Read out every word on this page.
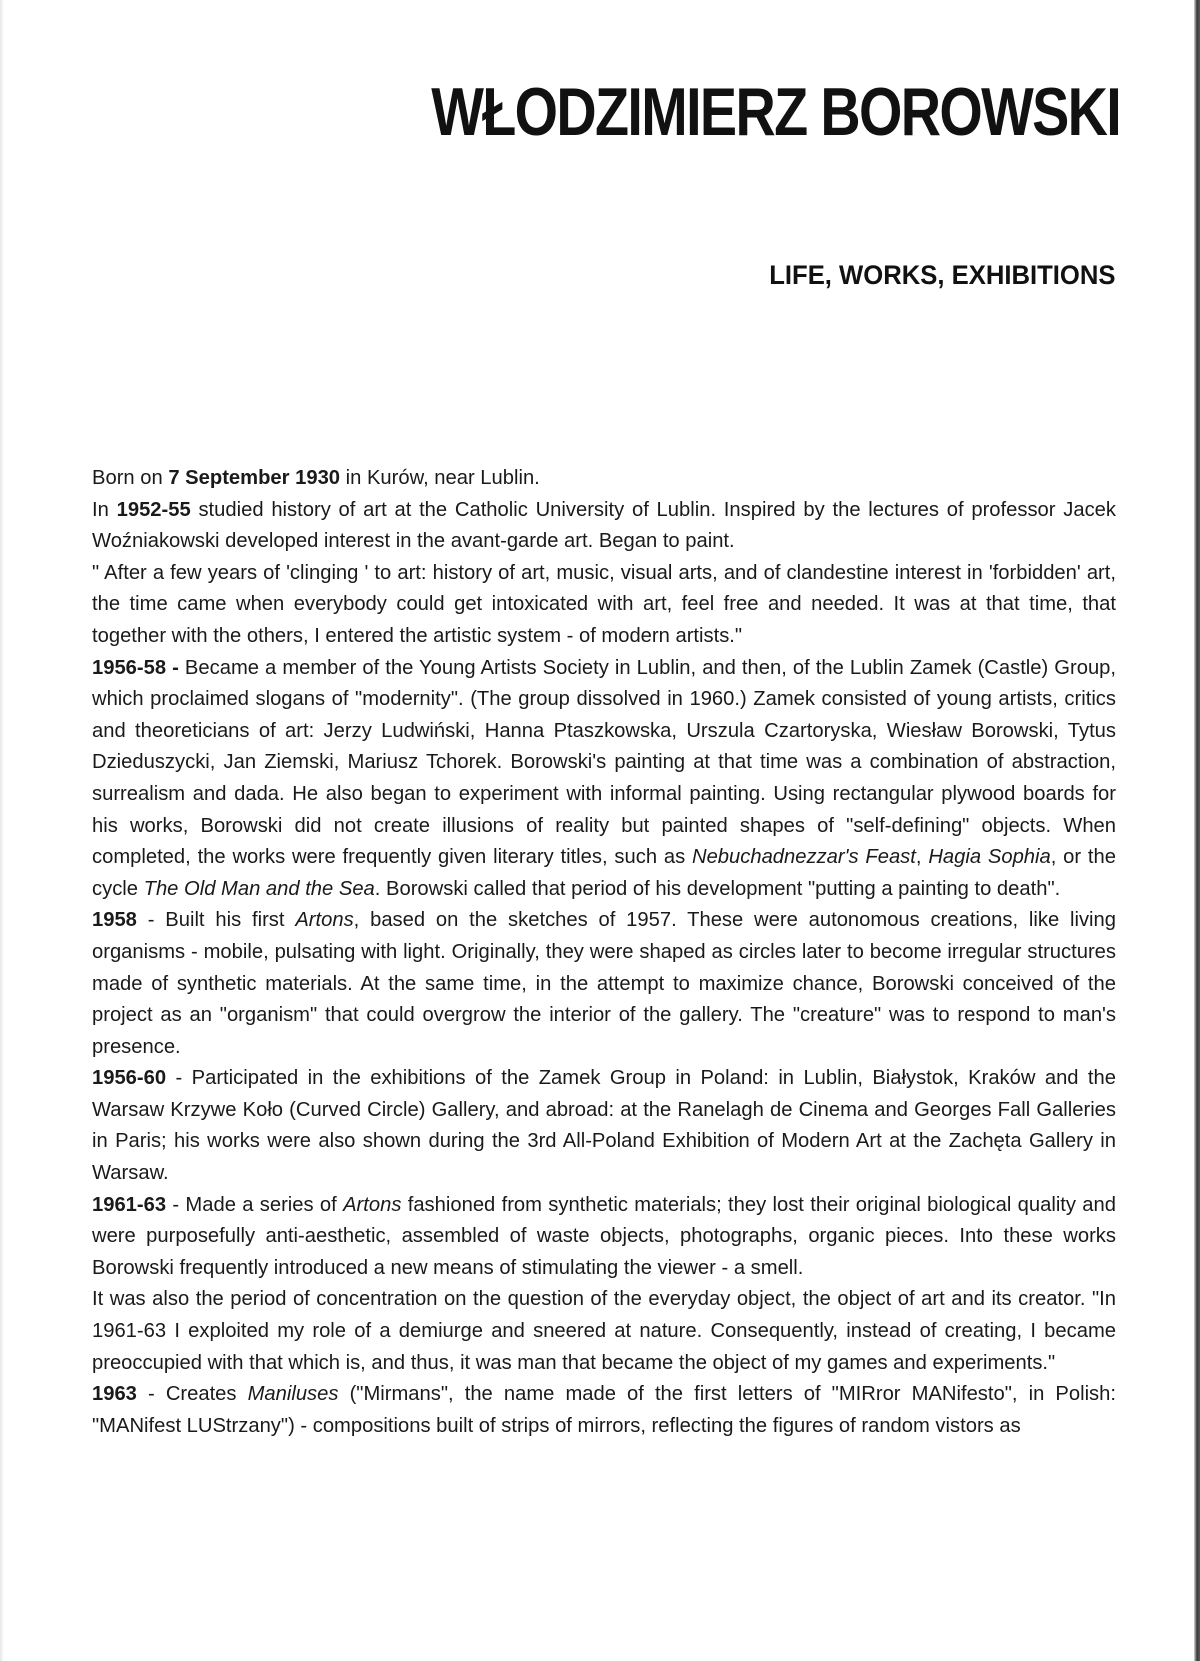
WŁODZIMIERZ BOROWSKI
LIFE, WORKS, EXHIBITIONS

Born on 7 September 1930 in Kurów, near Lublin.

In 1952-55 studied history of art at the Catholic University of Lublin. Inspired by the lectures of professor Jacek Woźniakowski developed interest in the avant-garde art. Began to paint.

" After a few years of 'clinging ' to art: history of art, music, visual arts, and of clandestine interest in 'forbidden' art, the time came when everybody could get intoxicated with art, feel free and needed. It was at that time, that together with the others, I entered the artistic system - of modern artists."

1956-58 - Became a member of the Young Artists Society in Lublin, and then, of the Lublin Zamek (Castle) Group, which proclaimed slogans of "modernity". (The group dissolved in 1960.) Zamek consisted of young artists, critics and theoreticians of art: Jerzy Ludwiński, Hanna Ptaszkowska, Urszula Czartoryska, Wiesław Borowski, Tytus Dzieduszycki, Jan Ziemski, Mariusz Tchorek. Borowski's painting at that time was a combination of abstraction, surrealism and dada. He also began to experiment with informal painting. Using rectangular plywood boards for his works, Borowski did not create illusions of reality but painted shapes of "self-defining" objects. When completed, the works were frequently given literary titles, such as Nebuchadnezzar's Feast, Hagia Sophia, or the cycle The Old Man and the Sea. Borowski called that period of his development "putting a painting to death".

1958 - Built his first Artons, based on the sketches of 1957. These were autonomous creations, like living organisms - mobile, pulsating with light. Originally, they were shaped as circles later to become irregular structures made of synthetic materials. At the same time, in the attempt to maximize chance, Borowski conceived of the project as an "organism" that could overgrow the interior of the gallery. The "creature" was to respond to man's presence.

1956-60 - Participated in the exhibitions of the Zamek Group in Poland: in Lublin, Białystok, Kraków and the Warsaw Krzywe Koło (Curved Circle) Gallery, and abroad: at the Ranelagh de Cinema and Georges Fall Galleries in Paris; his works were also shown during the 3rd All-Poland Exhibition of Modern Art at the Zachęta Gallery in Warsaw.

1961-63 - Made a series of Artons fashioned from synthetic materials; they lost their original biological quality and were purposefully anti-aesthetic, assembled of waste objects, photographs, organic pieces. Into these works Borowski frequently introduced a new means of stimulating the viewer - a smell.

It was also the period of concentration on the question of the everyday object, the object of art and its creator. "In 1961-63 I exploited my role of a demiurge and sneered at nature. Consequently, instead of creating, I became preoccupied with that which is, and thus, it was man that became the object of my games and experiments."

1963 - Creates Maniluses ("Mirmans", the name made of the first letters of "MIRror MANifesto", in Polish: "MANifest LUStrzany") - compositions built of strips of mirrors, reflecting the figures of random vistors as
